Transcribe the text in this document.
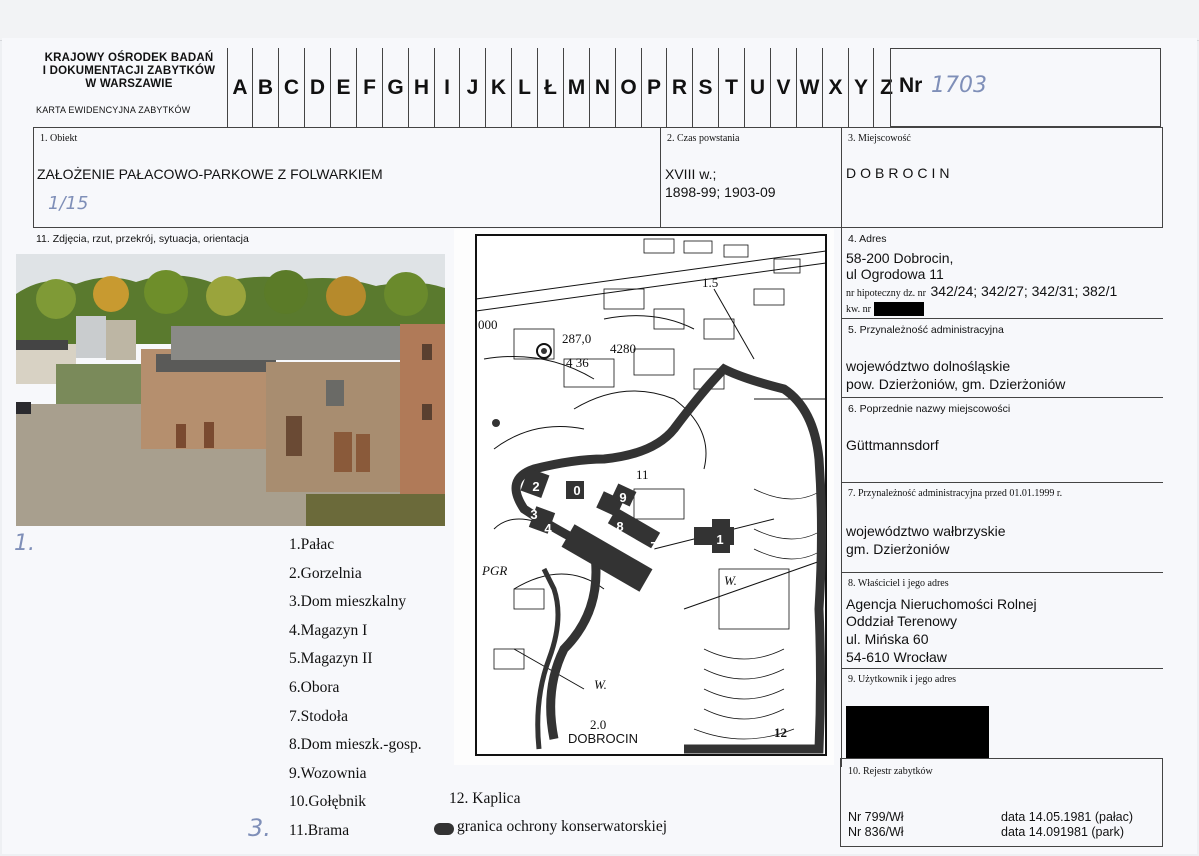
KRAJOWY OŚRODEK BADAŃ
I DOKUMENTACJI ZABYTKÓW
W WARSZAWIE
KARTA EWIDENCYJNA ZABYTKÓW
A B C D E F G H I J K L Ł M N O P R S T U V W X Y Z Nr 1703
1. Obiekt
ZAŁOŻENIE PAŁACOWO-PARKOWE Z FOLWARKIEM
1/15
2. Czas powstania
XVIII w.;
1898-99; 1903-09
3. Miejscowość
DOBROCIN
11. Zdjęcia, rzut, przekrój, sytuacja, orientacja
1.	1
2
3
4
5
6
7
8
9
0
000
287,0
4280
4 36
1.5
11
PGR
W.
W.
2.0
12
DOBROCIN
1.Pałac
2.Gorzelnia
3.Dom mieszkalny
4.Magazyn I
5.Magazyn II
6.Obora
7.Stodoła
8.Dom mieszk.-gosp.
9.Wozownia
10.Gołębnik
11.Brama
12. Kaplica
granica ochrony konserwatorskiej
3.
4. Adres
58-200 Dobrocin,
ul Ogrodowa 11
nr hipoteczny dz. nr 342/24; 342/27; 342/31; 382/1
kw. nr
5. Przynależność administracyjna
województwo dolnośląskie
pow. Dzierżoniów, gm. Dzierżoniów
6. Poprzednie nazwy miejscowości
Güttmannsdorf
7. Przynależność administracyjna przed 01.01.1999 r.
województwo wałbrzyskie
gm. Dzierżoniów
8. Właściciel i jego adres
Agencja Nieruchomości Rolnej
Oddział Terenowy
ul. Mińska 60
54-610 Wrocław
9. Użytkownik i jego adres
10. Rejestr zabytków
Nr 799/Wł	data 14.05.1981 (pałac)
Nr 836/Wł	data 14.091981 (park)
